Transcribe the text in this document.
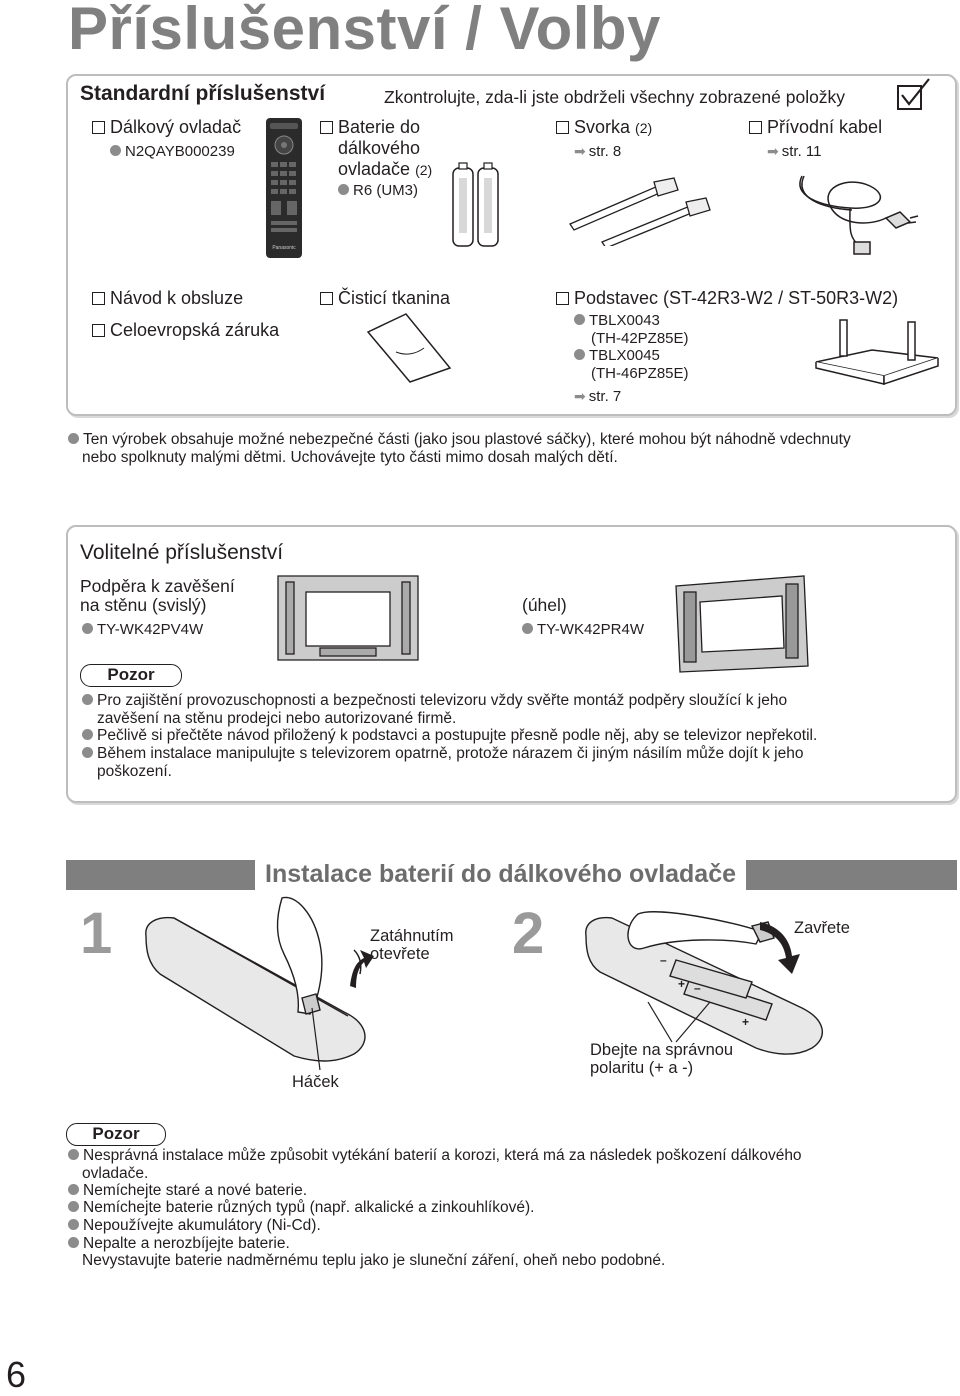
Příslušenství / Volby
Standardní příslušenství	Zkontrolujte, zda-li jste obdrželi všechny zobrazené položky
Dálkový ovladač
N2QAYB000239
Panasonic
Baterie do
dálkového
ovladače (2)
R6 (UM3)
Svorka (2)
➡ str. 8
Přívodní kabel
➡ str. 11
Návod k obsluze
Celoevropská záruka
Čisticí tkanina	Podstavec (ST-42R3-W2 / ST-50R3-W2)
TBLX0043
(TH-42PZ85E)
TBLX0045
(TH-46PZ85E)
➡ str. 7
Ten výrobek obsahuje možné nebezpečné části (jako jsou plastové sáčky), které mohou být náhodně vdechnuty
nebo spolknuty malými dětmi. Uchovávejte tyto části mimo dosah malých dětí.
Volitelné příslušenství
Podpěra k zavěšení
na stěnu (svislý)
TY-WK42PV4W
(úhel)
TY-WK42PR4W
Pozor
Pro zajištění provozuschopnosti a bezpečnosti televizoru vždy svěřte montáž podpěry sloužící k jeho
zavěšení na stěnu prodejci nebo autorizované firmě.
Pečlivě si přečtěte návod přiložený k podstavci a postupujte přesně podle něj, aby se televizor nepřekotil.
Během instalace manipulujte s televizorem opatrně, protože nárazem či jiným násilím může dojít k jeho
poškození.
Instalace baterií do dálkového ovladače
1	Zatáhnutím
otevřete
Háček
2	–
+ –
+
Zavřete
Dbejte na správnou
polaritu (+ a -)
Pozor
Nesprávná instalace může způsobit vytékání baterií a korozi, která má za následek poškození dálkového
ovladače.
Nemíchejte staré a nové baterie.
Nemíchejte baterie různých typů (např. alkalické a zinkouhlíkové).
Nepoužívejte akumulátory (Ni-Cd).
Nepalte a nerozbíjejte baterie.
Nevystavujte baterie nadměrnému teplu jako je sluneční záření, oheň nebo podobné.
6
